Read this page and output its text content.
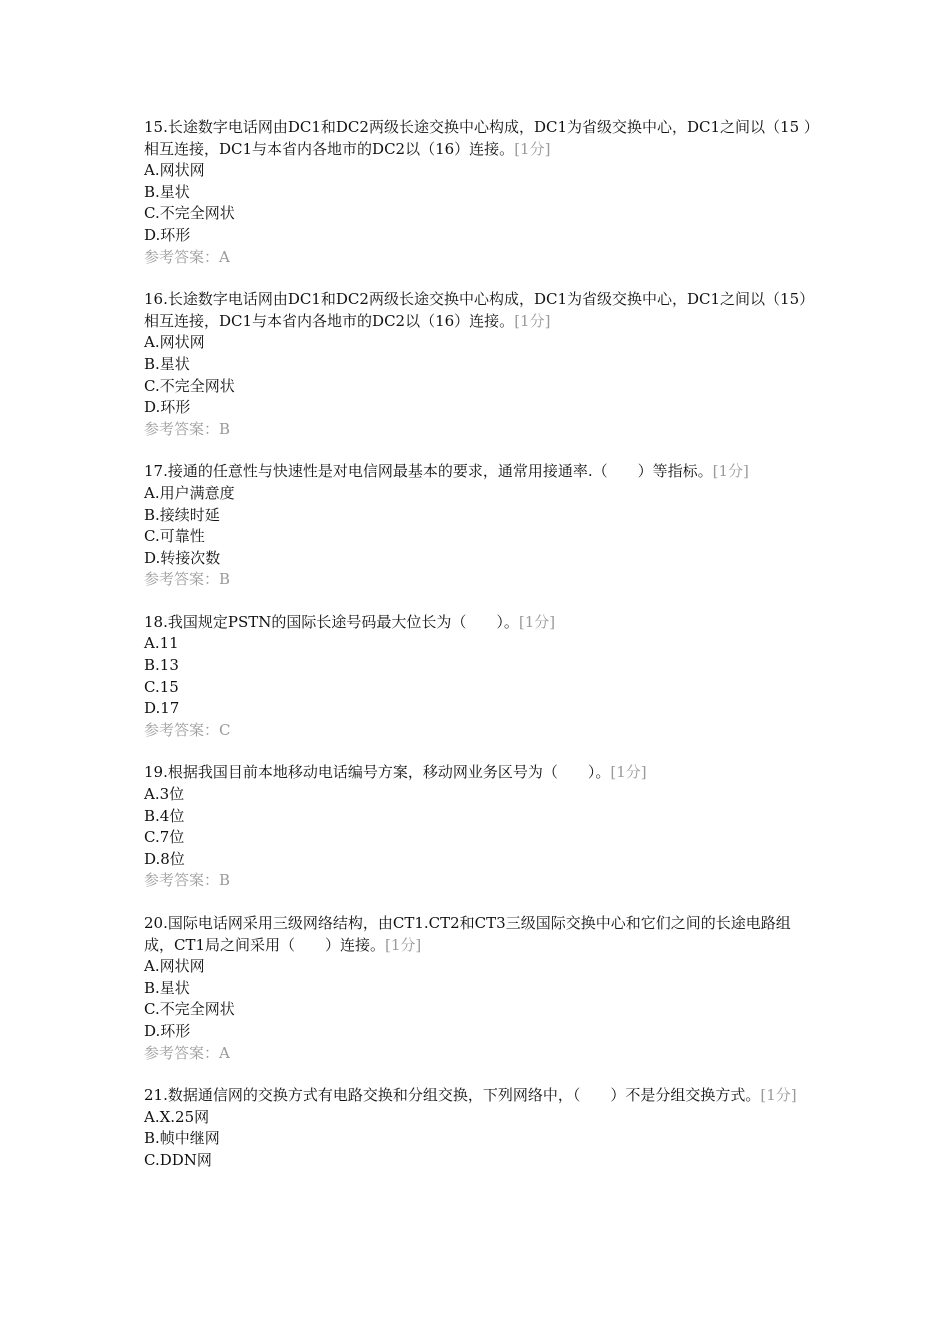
15.长途数字电话网由DC1和DC2两级长途交换中心构成，DC1为省级交换中心，DC1之间以（15 ）相互连接，DC1与本省内各地市的DC2以（16）连接。[1分]
A.网状网
B.星状
C.不完全网状
D.环形
参考答案：A
16.长途数字电话网由DC1和DC2两级长途交换中心构成，DC1为省级交换中心，DC1之间以（15）相互连接，DC1与本省内各地市的DC2以（16）连接。[1分]
A.网状网
B.星状
C.不完全网状
D.环形
参考答案：B
17.接通的任意性与快速性是对电信网最基本的要求，通常用接通率.（　　）等指标。[1分]
A.用户满意度
B.接续时延
C.可靠性
D.转接次数
参考答案：B
18.我国规定PSTN的国际长途号码最大位长为（　　）。[1分]
A.11
B.13
C.15
D.17
参考答案：C
19.根据我国目前本地移动电话编号方案，移动网业务区号为（　　）。[1分]
A.3位
B.4位
C.7位
D.8位
参考答案：B
20.国际电话网采用三级网络结构，由CT1.CT2和CT3三级国际交换中心和它们之间的长途电路组成，CT1局之间采用（　　）连接。[1分]
A.网状网
B.星状
C.不完全网状
D.环形
参考答案：A
21.数据通信网的交换方式有电路交换和分组交换，下列网络中，（　　）不是分组交换方式。[1分]
A.X.25网
B.帧中继网
C.DDN网
